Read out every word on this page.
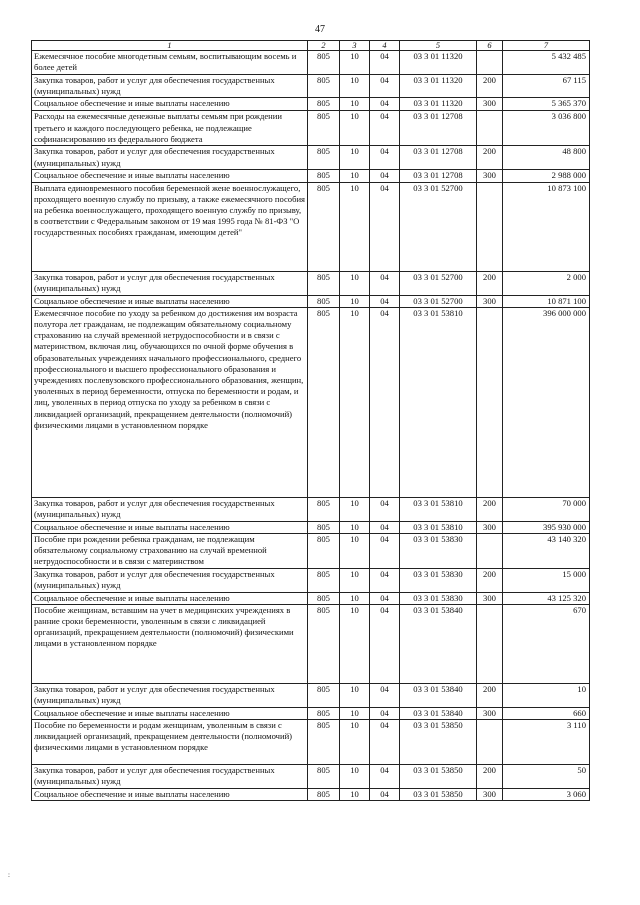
47
1	2	3	4	5	6	7
Ежемесячное пособие многодетным семьям, воспитывающим восемь и более детей	805	10	04	03 3 01 11320		5 432 485
Закупка товаров, работ и услуг для обеспечения государственных (муниципальных) нужд	805	10	04	03 3 01 11320	200	67 115
Социальное обеспечение и иные выплаты населению	805	10	04	03 3 01 11320	300	5 365 370
Расходы на ежемесячные денежные выплаты семьям при рождении третьего и каждого последующего ребенка, не подлежащие софинансированию из федерального бюджета	805	10	04	03 3 01 12708		3 036 800
Закупка товаров, работ и услуг для обеспечения государственных (муниципальных) нужд	805	10	04	03 3 01 12708	200	48 800
Социальное обеспечение и иные выплаты населению	805	10	04	03 3 01 12708	300	2 988 000
Выплата единовременного пособия беременной жене военнослужащего, проходящего военную службу по призыву, а также ежемесячного пособия на ребенка военнослужащего, проходящего военную службу по призыву, в соответствии с Федеральным законом от 19 мая 1995 года № 81-ФЗ "О государственных пособиях гражданам, имеющим детей"	805	10	04	03 3 01 52700		10 873 100
Закупка товаров, работ и услуг для обеспечения государственных (муниципальных) нужд	805	10	04	03 3 01 52700	200	2 000
Социальное обеспечение и иные выплаты населению	805	10	04	03 3 01 52700	300	10 871 100
Ежемесячное пособие по уходу за ребенком до достижения им возраста полутора лет гражданам, не подлежащим обязательному социальному страхованию на случай временной нетрудоспособности и в связи с материнством, включая лиц, обучающихся по очной форме обучения в образовательных учреждениях начального профессионального, среднего профессионального и высшего профессионального образования и учреждениях послевузовского профессионального образования, женщин, уволенных в период беременности, отпуска по беременности и родам, и лиц, уволенных в период отпуска по уходу за ребенком в связи с ликвидацией организаций, прекращением деятельности (полномочий) физическими лицами в установленном порядке	805	10	04	03 3 01 53810		396 000 000
Закупка товаров, работ и услуг для обеспечения государственных (муниципальных) нужд	805	10	04	03 3 01 53810	200	70 000
Социальное обеспечение и иные выплаты населению	805	10	04	03 3 01 53810	300	395 930 000
Пособие при рождении ребенка гражданам, не подлежащим обязательному социальному страхованию на случай временной нетрудоспособности и в связи с материнством	805	10	04	03 3 01 53830		43 140 320
Закупка товаров, работ и услуг для обеспечения государственных (муниципальных) нужд	805	10	04	03 3 01 53830	200	15 000
Социальное обеспечение и иные выплаты населению	805	10	04	03 3 01 53830	300	43 125 320
Пособие женщинам, вставшим на учет в медицинских учреждениях в ранние сроки беременности, уволенным в связи с ликвидацией организаций, прекращением деятельности (полномочий) физическими лицами в установленном порядке	805	10	04	03 3 01 53840		670
Закупка товаров, работ и услуг для обеспечения государственных (муниципальных) нужд	805	10	04	03 3 01 53840	200	10
Социальное обеспечение и иные выплаты населению	805	10	04	03 3 01 53840	300	660
Пособие по беременности и родам женщинам, уволенным в связи с ликвидацией организаций, прекращением деятельности (полномочий) физическими лицами в установленном порядке	805	10	04	03 3 01 53850		3 110
Закупка товаров, работ и услуг для обеспечения государственных (муниципальных) нужд	805	10	04	03 3 01 53850	200	50
Социальное обеспечение и иные выплаты населению	805	10	04	03 3 01 53850	300	3 060
:
